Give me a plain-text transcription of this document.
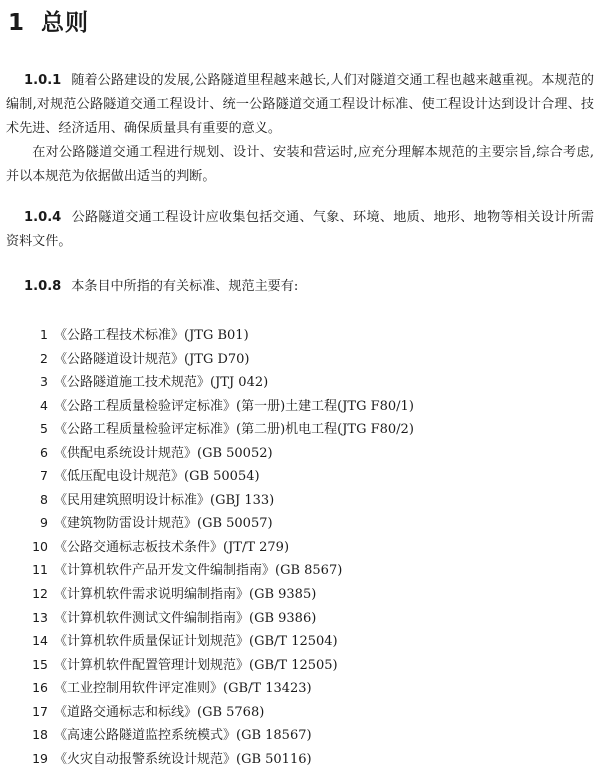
1 总则

1.0.1 随着公路建设的发展,公路隧道里程越来越长,人们对隧道交通工程也越来越重视。本规范的编制,对规范公路隧道交通工程设计、统一公路隧道交通工程设计标准、使工程设计达到设计合理、技术先进、经济适用、确保质量具有重要的意义。

在对公路隧道交通工程进行规划、设计、安装和营运时,应充分理解本规范的主要宗旨,综合考虑,并以本规范为依据做出适当的判断。

1.0.4 公路隧道交通工程设计应收集包括交通、气象、环境、地质、地形、地物等相关设计所需资料文件。

1.0.8 本条目中所指的有关标准、规范主要有:

1 《公路工程技术标准》(JTG B01)
2 《公路隧道设计规范》(JTG D70)
3 《公路隧道施工技术规范》(JTJ 042)
4 《公路工程质量检验评定标准》(第一册)土建工程(JTG F80/1)
5 《公路工程质量检验评定标准》(第二册)机电工程(JTG F80/2)
6 《供配电系统设计规范》(GB 50052)
7 《低压配电设计规范》(GB 50054)
8 《民用建筑照明设计标准》(GBJ 133)
9 《建筑物防雷设计规范》(GB 50057)
10 《公路交通标志板技术条件》(JT/T 279)
11 《计算机软件产品开发文件编制指南》(GB 8567)
12 《计算机软件需求说明编制指南》(GB 9385)
13 《计算机软件测试文件编制指南》(GB 9386)
14 《计算机软件质量保证计划规范》(GB/T 12504)
15 《计算机软件配置管理计划规范》(GB/T 12505)
16 《工业控制用软件评定准则》(GB/T 13423)
17 《道路交通标志和标线》(GB 5768)
18 《高速公路隧道监控系统模式》(GB 18567)
19 《火灾自动报警系统设计规范》(GB 50116)
